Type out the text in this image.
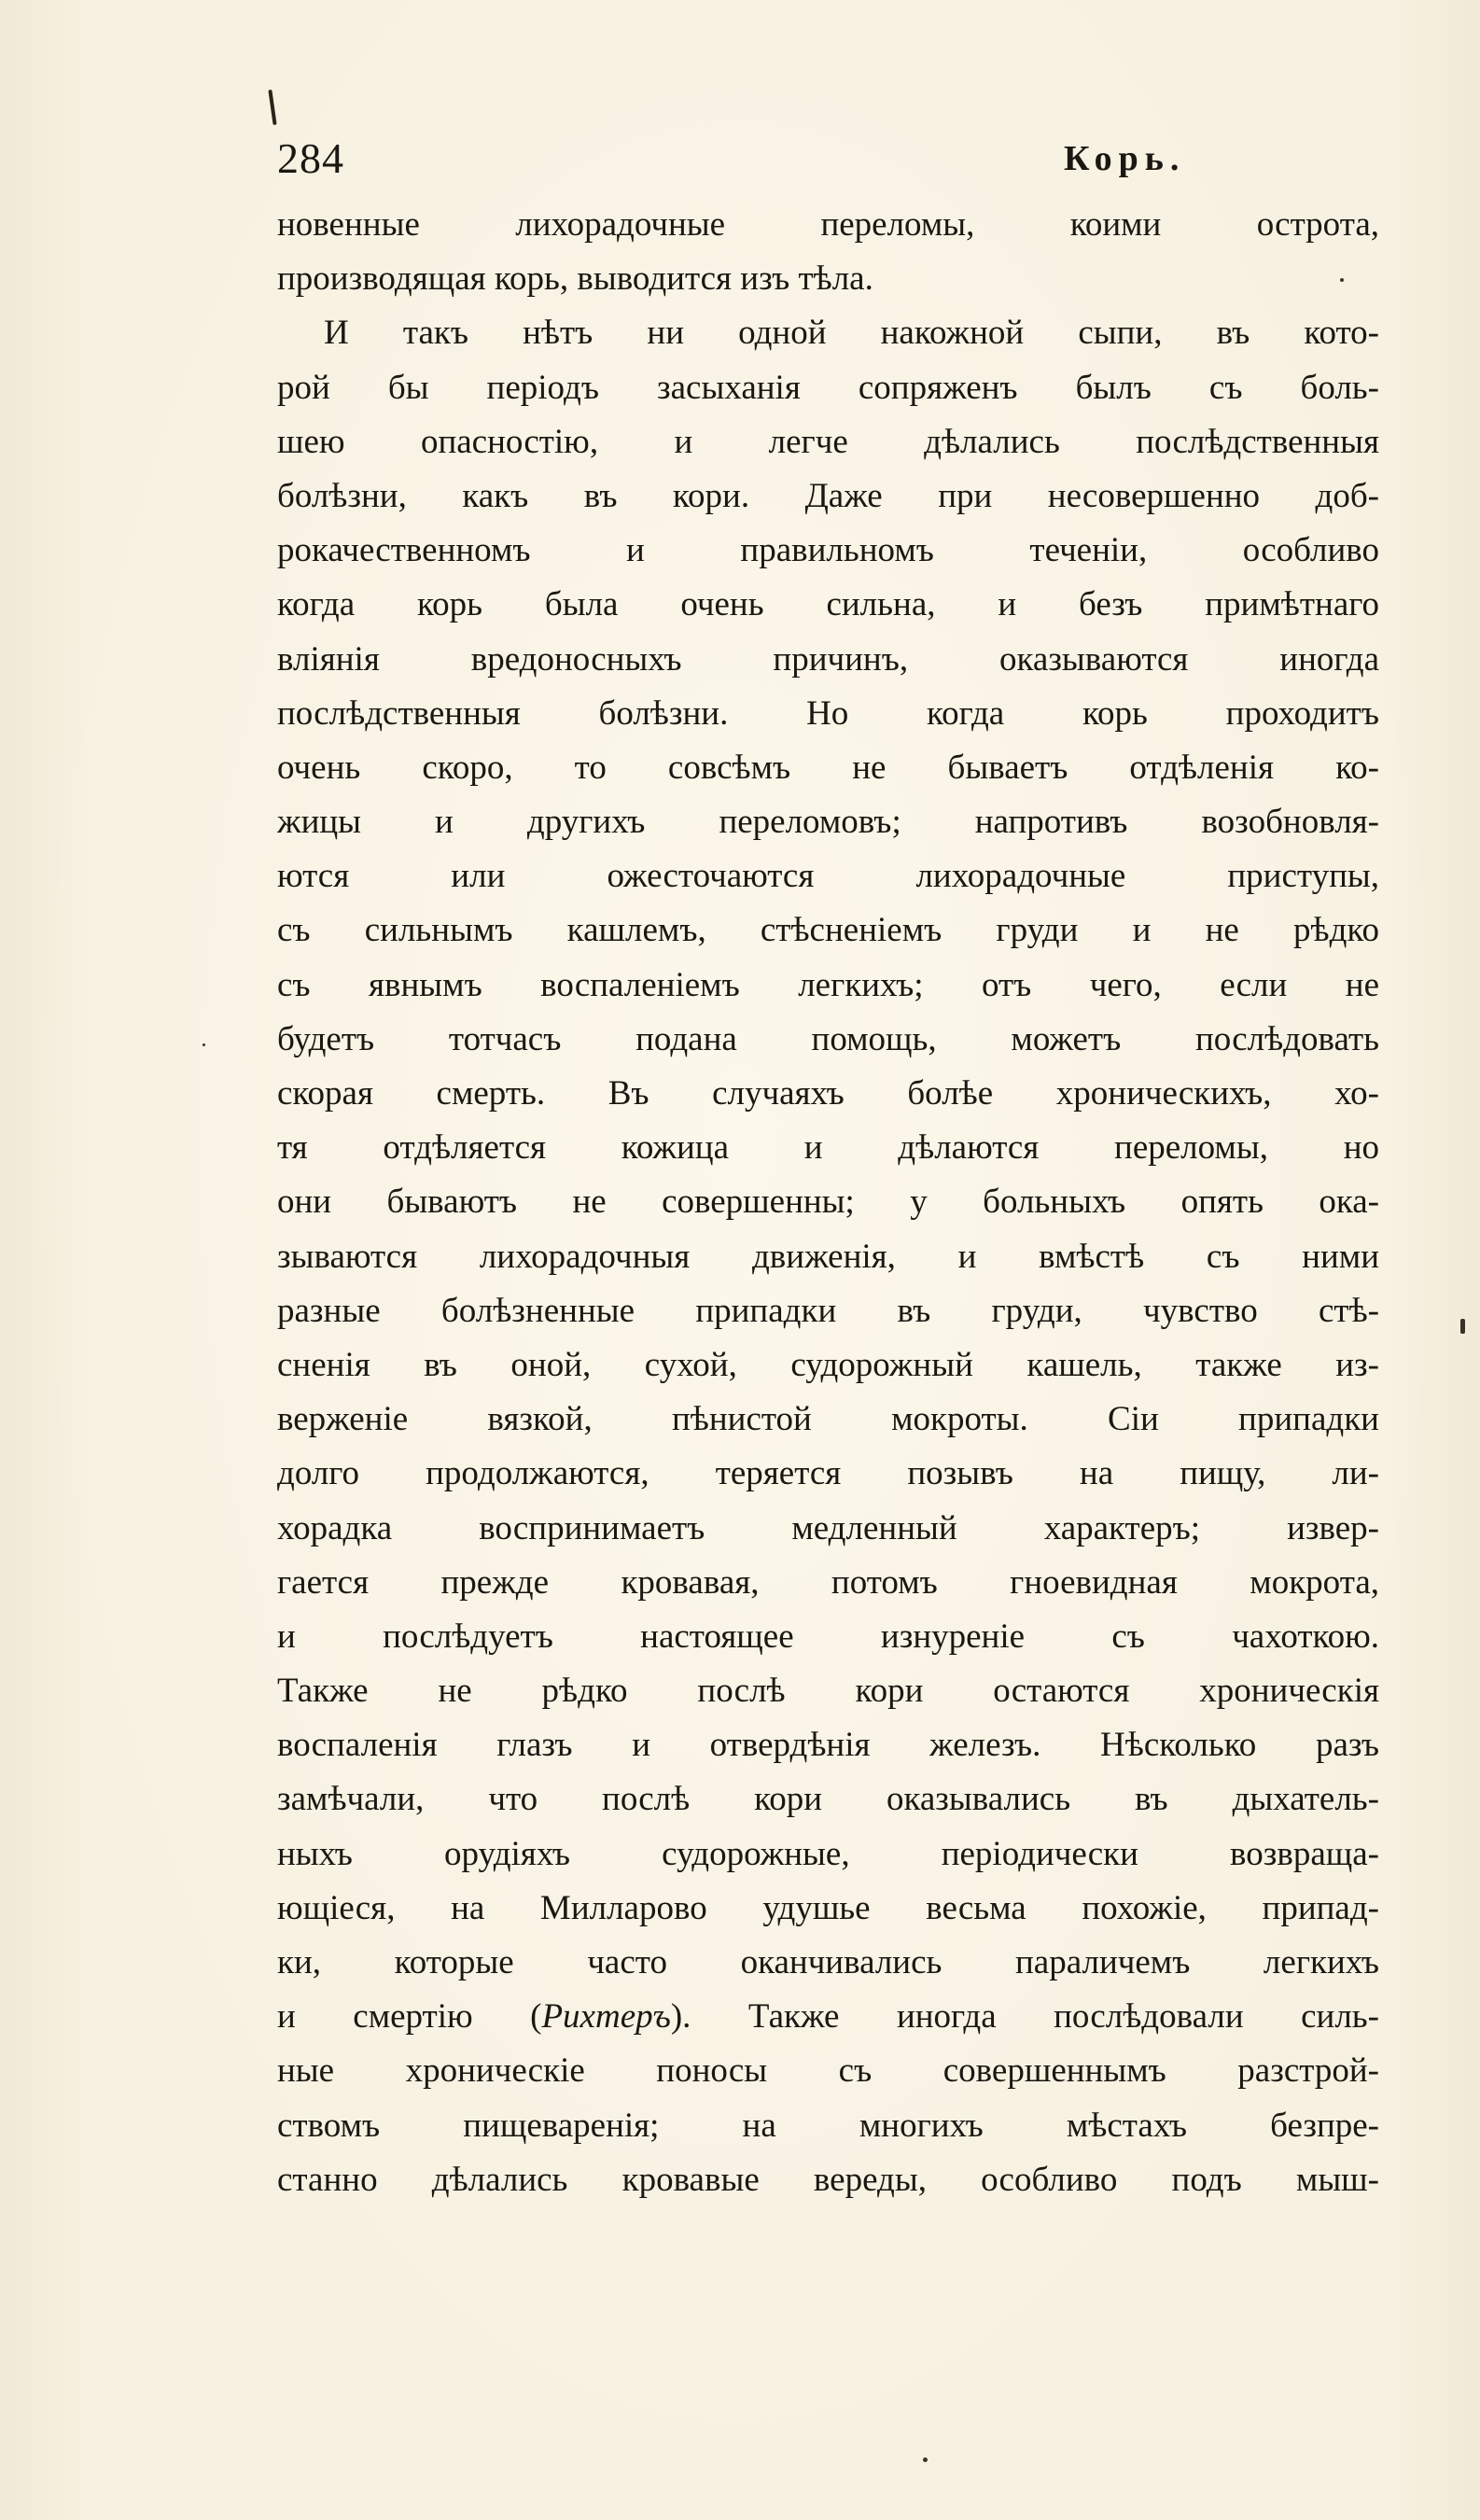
284	Корь.
новенные лихорадочные переломы, коими острота,
производящая корь, выводится изъ тѣла.
И такъ нѣтъ ни одной накожной сыпи, въ кото-
рой бы періодъ засыханія сопряженъ былъ съ боль-
шею опасностію, и легче дѣлались послѣдственныя
болѣзни, какъ въ кори. Даже при несовершенно доб-
рокачественномъ и правильномъ теченіи, особливо
когда корь была очень сильна, и безъ примѣтнаго
вліянія вредоносныхъ причинъ, оказываются иногда
послѣдственныя болѣзни. Но когда корь проходитъ
очень скоро, то совсѣмъ не бываетъ отдѣленія ко-
жицы и другихъ переломовъ; напротивъ возобновля-
ются или ожесточаются лихорадочные приступы,
съ сильнымъ кашлемъ, стѣсненіемъ груди и не рѣдко
съ явнымъ воспаленіемъ легкихъ; отъ чего, если не
будетъ тотчасъ подана помощь, можетъ послѣдовать
скорая смерть. Въ случаяхъ болѣе хроническихъ, хо-
тя отдѣляется кожица и дѣлаются переломы, но
они бываютъ не совершенны; у больныхъ опять ока-
зываются лихорадочныя движенія, и вмѣстѣ съ ними
разные болѣзненные припадки въ груди, чувство стѣ-
сненія въ оной, сухой, судорожный кашель, также из-
верженіе вязкой, пѣнистой мокроты. Сіи припадки
долго продолжаются, теряется позывъ на пищу, ли-
хорадка воспринимаетъ медленный характеръ; извер-
гается прежде кровавая, потомъ гноевидная мокрота,
и послѣдуетъ настоящее изнуреніе съ чахоткою.
Также не рѣдко послѣ кори остаются хроническія
воспаленія глазъ и отвердѣнія железъ. Нѣсколько разъ
замѣчали, что послѣ кори оказывались въ дыхатель-
ныхъ орудіяхъ судорожные, періодически возвраща-
ющіеся, на Милларово удушье весьма похожіе, припад-
ки, которые часто оканчивались параличемъ легкихъ
и смертію (Рихтеръ). Также иногда послѣдовали силь-
ные хроническіе поносы съ совершеннымъ разстрой-
ствомъ пищеваренія; на многихъ мѣстахъ безпре-
станно дѣлались кровавые вереды, особливо подъ мыш-
